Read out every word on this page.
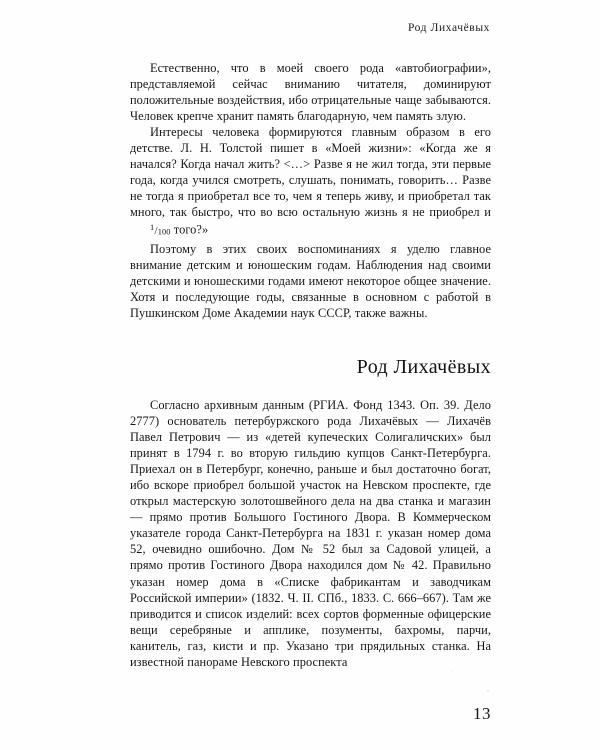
Род Лихачёвых

Естественно, что в моей своего рода «автобиографии», представляемой сейчас вниманию читателя, доминируют положительные воздействия, ибо отрицательные чаще забываются. Человек крепче хранит память благодарную, чем память злую.

Интересы человека формируются главным образом в его детстве. Л. Н. Толстой пишет в «Моей жизни»: «Когда же я начался? Когда начал жить? <…> Разве я не жил тогда, эти первые года, когда учился смотреть, слушать, понимать, говорить… Разве не тогда я приобретал все то, чем я теперь живу, и приобретал так много, так быстро, что во всю остальную жизнь я не приобрел и $^1$/100 того?»

Поэтому в этих своих воспоминаниях я уделю главное внимание детским и юношеским годам. Наблюдения над своими детскими и юношескими годами имеют некоторое общее значение. Хотя и последующие годы, связанные в основном с работой в Пушкинском Доме Академии наук СССР, также важны.

Род Лихачёвых

Согласно архивным данным (РГИА. Фонд 1343. Оп. 39. Дело 2777) основатель петербуржского рода Лихачёвых — Лихачёв Павел Петрович — из «детей купеческих Солигаличских» был принят в 1794 г. во вторую гильдию купцов Санкт-Петербурга. Приехал он в Петербург, конечно, раньше и был достаточно богат, ибо вскоре приобрел большой участок на Невском проспекте, где открыл мастерскую золотошвейного дела на два станка и магазин — прямо против Большого Гостиного Двора. В Коммерческом указателе города Санкт-Петербурга на 1831 г. указан номер дома 52, очевидно ошибочно. Дом № 52 был за Садовой улицей, а прямо против Гостиного Двора находился дом № 42. Правильно указан номер дома в «Списке фабрикантам и заводчикам Российской империи» (1832. Ч. II. СПб., 1833. С. 666–667). Там же приводится и список изделий: всех сортов форменные офицерские вещи серебряные и апплике, позументы, бахромы, парчи, канитель, газ, кисти и пр. Указано три прядильных станка. На известной панораме Невского проспекта

13
